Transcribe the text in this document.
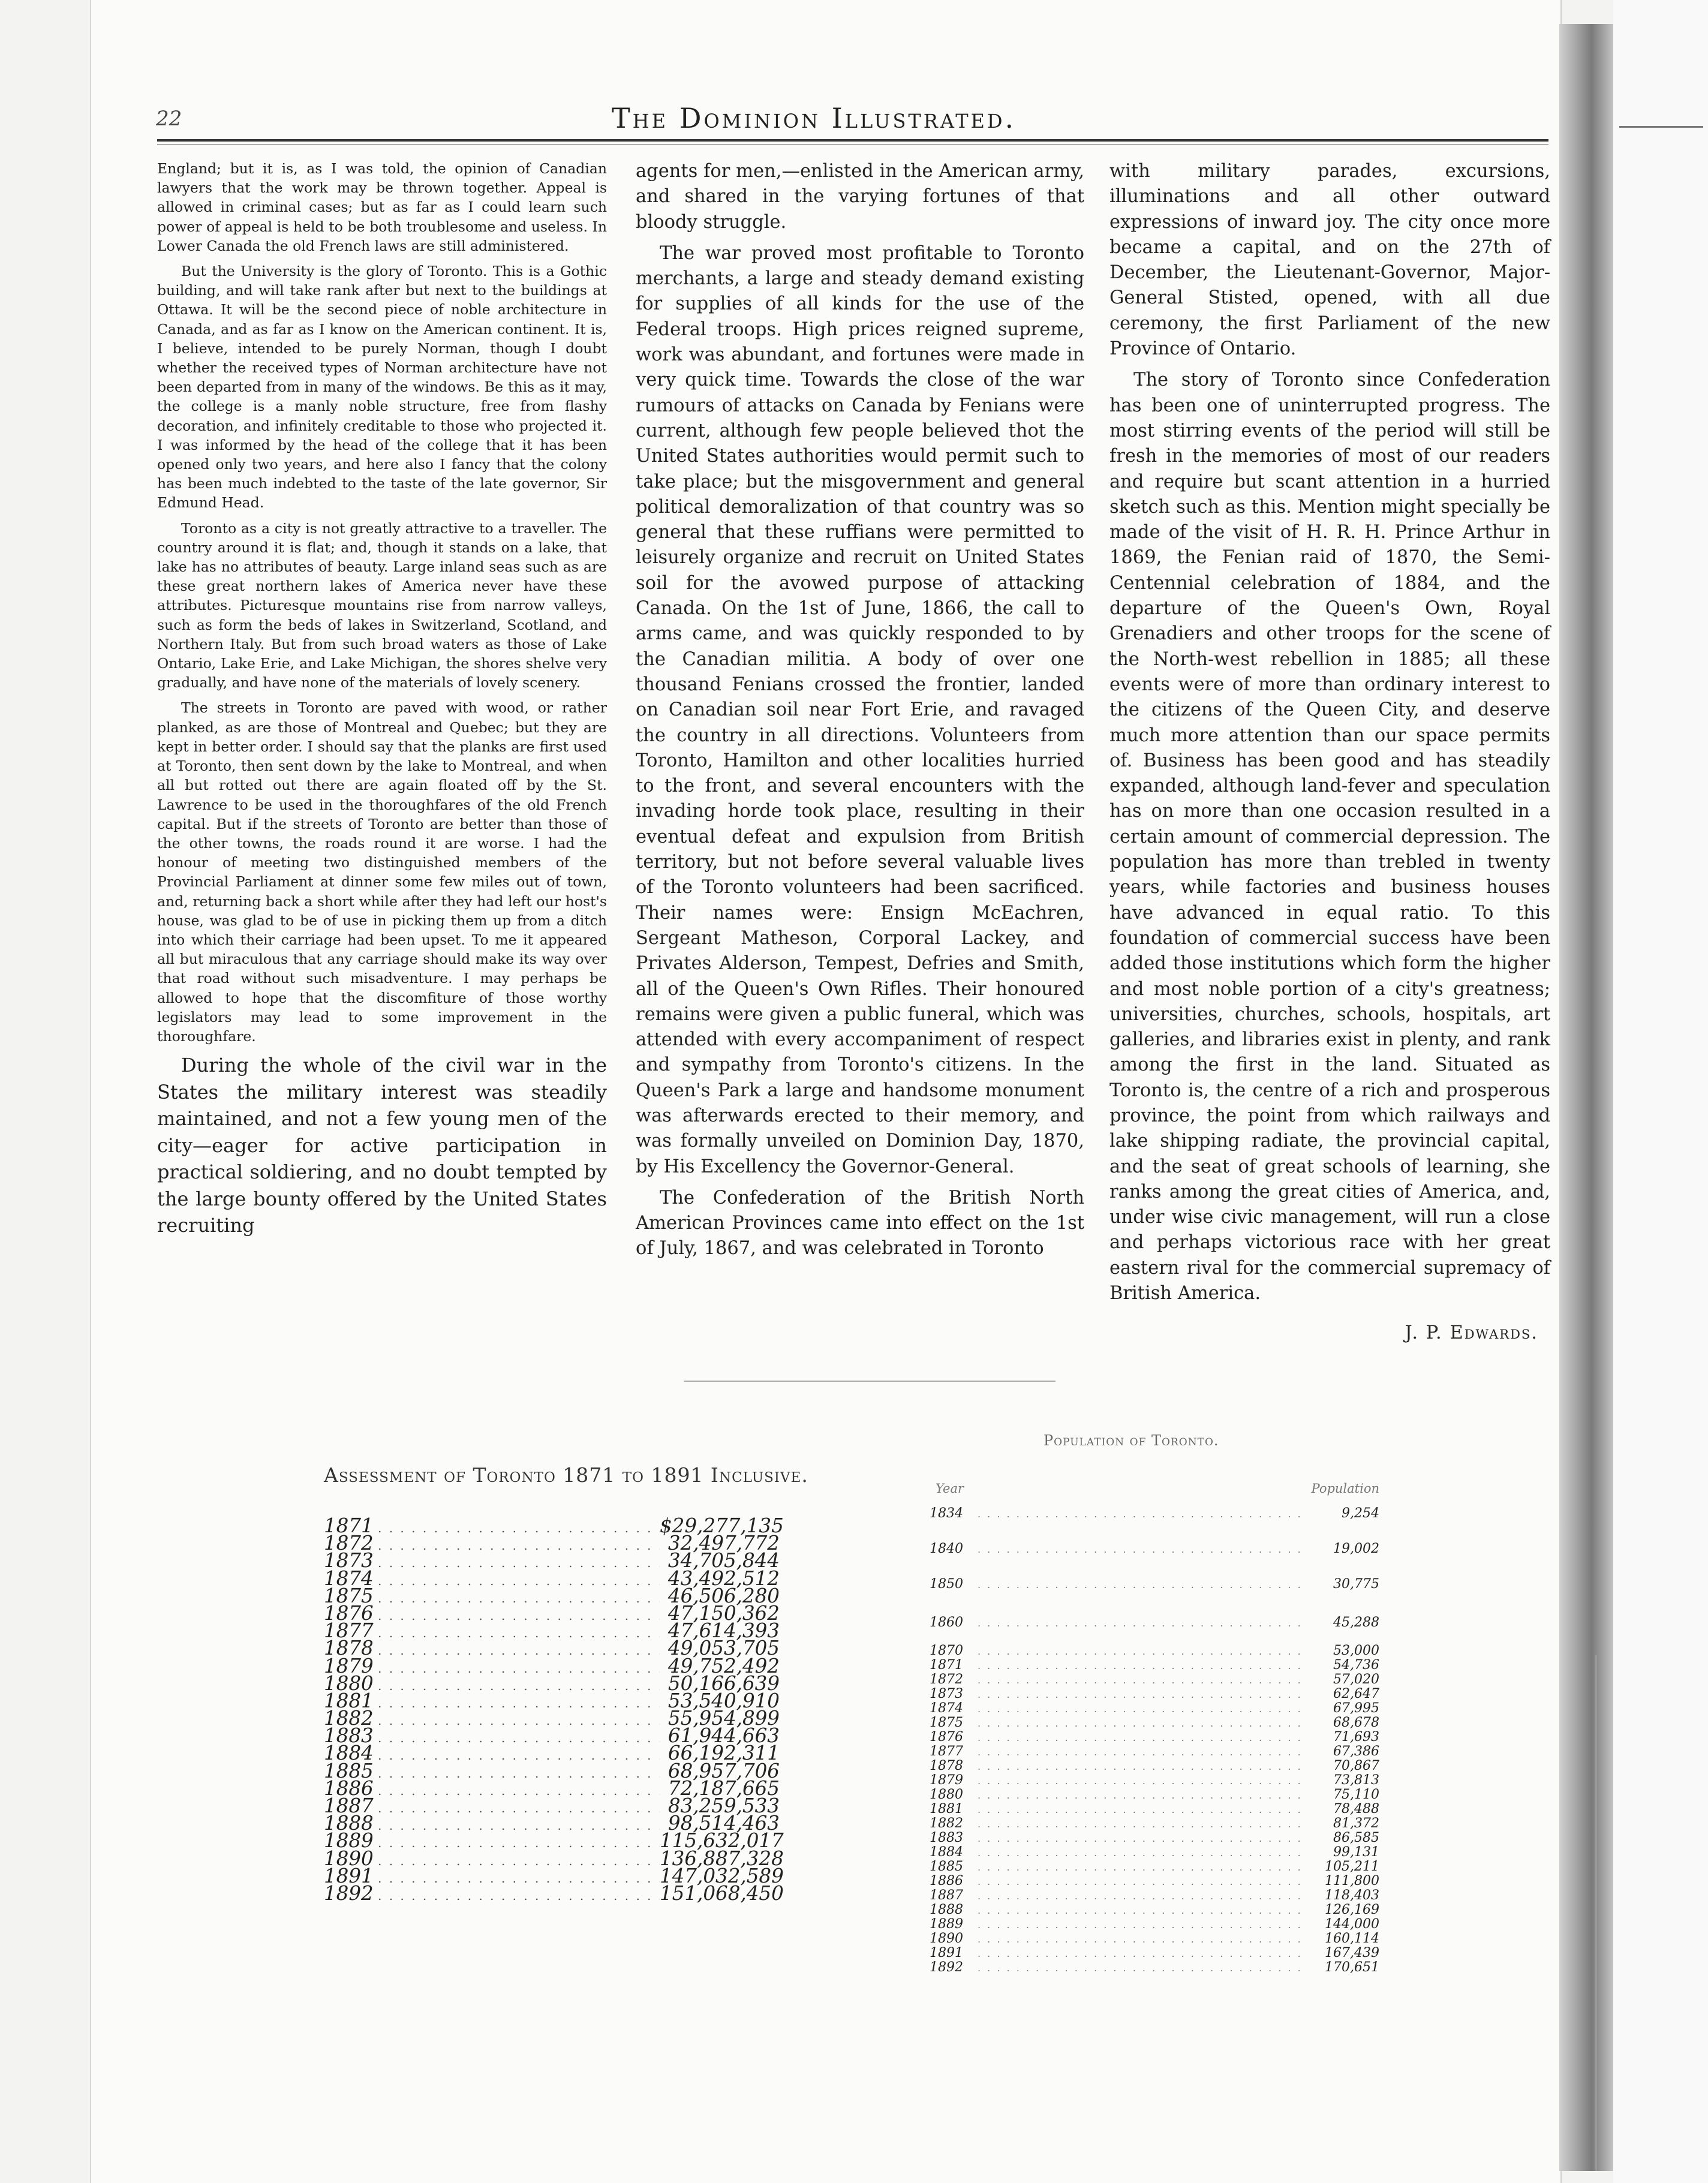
22	The Dominion Illustrated.

England; but it is, as I was told, the opinion of Canadian lawyers that the work may be thrown together. Appeal is allowed in criminal cases; but as far as I could learn such power of appeal is held to be both troublesome and useless. In Lower Canada the old French laws are still administered.

But the University is the glory of Toronto. This is a Gothic building, and will take rank after but next to the buildings at Ottawa. It will be the second piece of noble architecture in Canada, and as far as I know on the American continent. It is, I believe, intended to be purely Norman, though I doubt whether the received types of Norman architecture have not been departed from in many of the windows. Be this as it may, the college is a manly noble structure, free from flashy decoration, and infinitely creditable to those who projected it. I was informed by the head of the college that it has been opened only two years, and here also I fancy that the colony has been much indebted to the taste of the late governor, Sir Edmund Head.

Toronto as a city is not greatly attractive to a traveller. The country around it is flat; and, though it stands on a lake, that lake has no attributes of beauty. Large inland seas such as are these great northern lakes of America never have these attributes. Picturesque mountains rise from narrow valleys, such as form the beds of lakes in Switzerland, Scotland, and Northern Italy. But from such broad waters as those of Lake Ontario, Lake Erie, and Lake Michigan, the shores shelve very gradually, and have none of the materials of lovely scenery.

The streets in Toronto are paved with wood, or rather planked, as are those of Montreal and Quebec; but they are kept in better order. I should say that the planks are first used at Toronto, then sent down by the lake to Montreal, and when all but rotted out there are again floated off by the St. Lawrence to be used in the thoroughfares of the old French capital. But if the streets of Toronto are better than those of the other towns, the roads round it are worse. I had the honour of meeting two distinguished members of the Provincial Parliament at dinner some few miles out of town, and, returning back a short while after they had left our host's house, was glad to be of use in picking them up from a ditch into which their carriage had been upset. To me it appeared all but miraculous that any carriage should make its way over that road without such misadventure. I may perhaps be allowed to hope that the discomfiture of those worthy legislators may lead to some improvement in the thoroughfare.

During the whole of the civil war in the States the military interest was steadily maintained, and not a few young men of the city—eager for active participation in practical soldiering, and no doubt tempted by the large bounty offered by the United States recruiting

agents for men,—enlisted in the American army, and shared in the varying fortunes of that bloody struggle.

The war proved most profitable to Toronto merchants, a large and steady demand existing for supplies of all kinds for the use of the Federal troops. High prices reigned supreme, work was abundant, and fortunes were made in very quick time. Towards the close of the war rumours of attacks on Canada by Fenians were current, although few people believed thot the United States authorities would permit such to take place; but the misgovernment and general political demoralization of that country was so general that these ruffians were permitted to leisurely organize and recruit on United States soil for the avowed purpose of attacking Canada. On the 1st of June, 1866, the call to arms came, and was quickly responded to by the Canadian militia. A body of over one thousand Fenians crossed the frontier, landed on Canadian soil near Fort Erie, and ravaged the country in all directions. Volunteers from Toronto, Hamilton and other localities hurried to the front, and several encounters with the invading horde took place, resulting in their eventual defeat and expulsion from British territory, but not before several valuable lives of the Toronto volunteers had been sacrificed. Their names were: Ensign McEachren, Sergeant Matheson, Corporal Lackey, and Privates Alderson, Tempest, Defries and Smith, all of the Queen's Own Rifles. Their honoured remains were given a public funeral, which was attended with every accompaniment of respect and sympathy from Toronto's citizens. In the Queen's Park a large and handsome monument was afterwards erected to their memory, and was formally unveiled on Dominion Day, 1870, by His Excellency the Governor-General.

The Confederation of the British North American Provinces came into effect on the 1st of July, 1867, and was celebrated in Toronto

with military parades, excursions, illuminations and all other outward expressions of inward joy. The city once more became a capital, and on the 27th of December, the Lieutenant-Governor, Major-General Stisted, opened, with all due ceremony, the first Parliament of the new Province of Ontario.

The story of Toronto since Confederation has been one of uninterrupted progress. The most stirring events of the period will still be fresh in the memories of most of our readers and require but scant attention in a hurried sketch such as this. Mention might specially be made of the visit of H. R. H. Prince Arthur in 1869, the Fenian raid of 1870, the Semi-Centennial celebration of 1884, and the departure of the Queen's Own, Royal Grenadiers and other troops for the scene of the North-west rebellion in 1885; all these events were of more than ordinary interest to the citizens of the Queen City, and deserve much more attention than our space permits of. Business has been good and has steadily expanded, although land-fever and speculation has on more than one occasion resulted in a certain amount of commercial depression. The population has more than trebled in twenty years, while factories and business houses have advanced in equal ratio. To this foundation of commercial success have been added those institutions which form the higher and most noble portion of a city's greatness; universities, churches, schools, hospitals, art galleries, and libraries exist in plenty, and rank among the first in the land. Situated as Toronto is, the centre of a rich and prosperous province, the point from which railways and lake shipping radiate, the provincial capital, and the seat of great schools of learning, she ranks among the great cities of America, and, under wise civic management, will run a close and perhaps victorious race with her great eastern rival for the commercial supremacy of British America.

J. P. Edwards.
Assessment of Toronto 1871 to 1891 Inclusive.
1871 . . .	$29,277,135
1872 . . .	32,497,772
1873 . . .	34,705,844
1874 . . .	43,492,512
1875 . . .	46,506,280
1876 . . .	47,150,362
1877 . . .	47,614,393
1878 . . .	49,053,705
1879 . . .	49,752,492
1880 . . .	50,166,639
1881 . . .	53,540,910
1882 . . .	55,954,899
1883 . . .	61,944,663
1884 . . .	66,192,311
1885 . . .	68,957,706
1886 . . .	72,187,665
1887 . . .	83,259,533
1888 . . .	98,514,463
1889 . . .	115,632,017
1890 . . .	136,887,328
1891 . . .	147,032,589
1892 . . .	151,068,450
Population of Toronto.
Year	Population
1834 . . .	9,254
1840 . . .	19,002
1850 . . .	30,775
1860 . . .	45,288
1870 . . .	53,000
1871 . . .	54,736
1872 . . .	57,020
1873 . . .	62,647
1874 . . .	67,995
1875 . . .	68,678
1876 . . .	71,693
1877 . . .	67,386
1878 . . .	70,867
1879 . . .	73,813
1880 . . .	75,110
1881 . . .	78,488
1882 . . .	81,372
1883 . . .	86,585
1884 . . .	99,131
1885 . . .	105,211
1886 . . .	111,800
1887 . . .	118,403
1888 . . .	126,169
1889 . . .	144,000
1890 . . .	160,114
1891 . . .	167,439
1892 . . .	170,651
